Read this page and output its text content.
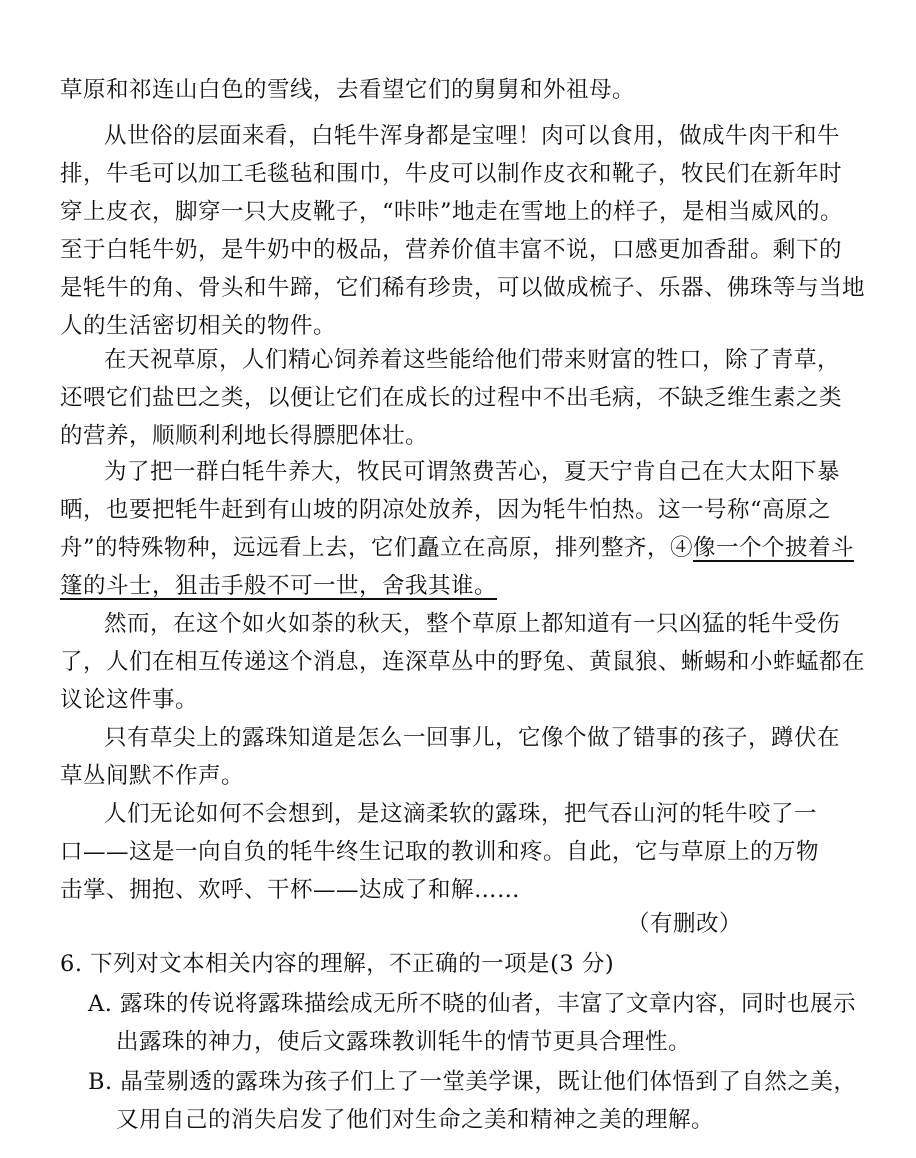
草原和祁连山白色的雪线，去看望它们的舅舅和外祖母。
从世俗的层面来看，白牦牛浑身都是宝哩！肉可以食用，做成牛肉干和牛
排，牛毛可以加工毛毯毡和围巾，牛皮可以制作皮衣和靴子，牧民们在新年时
穿上皮衣，脚穿一只大皮靴子，“咔咔”地走在雪地上的样子，是相当威风的。
至于白牦牛奶，是牛奶中的极品，营养价值丰富不说，口感更加香甜。剩下的
是牦牛的角、骨头和牛蹄，它们稀有珍贵，可以做成梳子、乐器、佛珠等与当地
人的生活密切相关的物件。
在天祝草原，人们精心饲养着这些能给他们带来财富的牲口，除了青草，
还喂它们盐巴之类，以便让它们在成长的过程中不出毛病，不缺乏维生素之类
的营养，顺顺利利地长得膘肥体壮。
为了把一群白牦牛养大，牧民可谓煞费苦心，夏天宁肯自己在大太阳下暴
晒，也要把牦牛赶到有山坡的阴凉处放养，因为牦牛怕热。这一号称“高原之
舟”的特殊物种，远远看上去，它们矗立在高原，排列整齐，④像一个个披着斗
篷的斗士，狙击手般不可一世，舍我其谁。
然而，在这个如火如荼的秋天，整个草原上都知道有一只凶猛的牦牛受伤
了，人们在相互传递这个消息，连深草丛中的野兔、黄鼠狼、蜥蜴和小蚱蜢都在
议论这件事。
只有草尖上的露珠知道是怎么一回事儿，它像个做了错事的孩子，蹲伏在
草丛间默不作声。
人们无论如何不会想到，是这滴柔软的露珠，把气吞山河的牦牛咬了一
口——这是一向自负的牦牛终生记取的教训和疼。自此，它与草原上的万物
击掌、拥抱、欢呼、干杯——达成了和解……
（有删改）
6. 下列对文本相关内容的理解，不正确的一项是(3 分)
A. 露珠的传说将露珠描绘成无所不晓的仙者，丰富了文章内容，同时也展示
出露珠的神力，使后文露珠教训牦牛的情节更具合理性。
B. 晶莹剔透的露珠为孩子们上了一堂美学课，既让他们体悟到了自然之美，
又用自己的消失启发了他们对生命之美和精神之美的理解。
